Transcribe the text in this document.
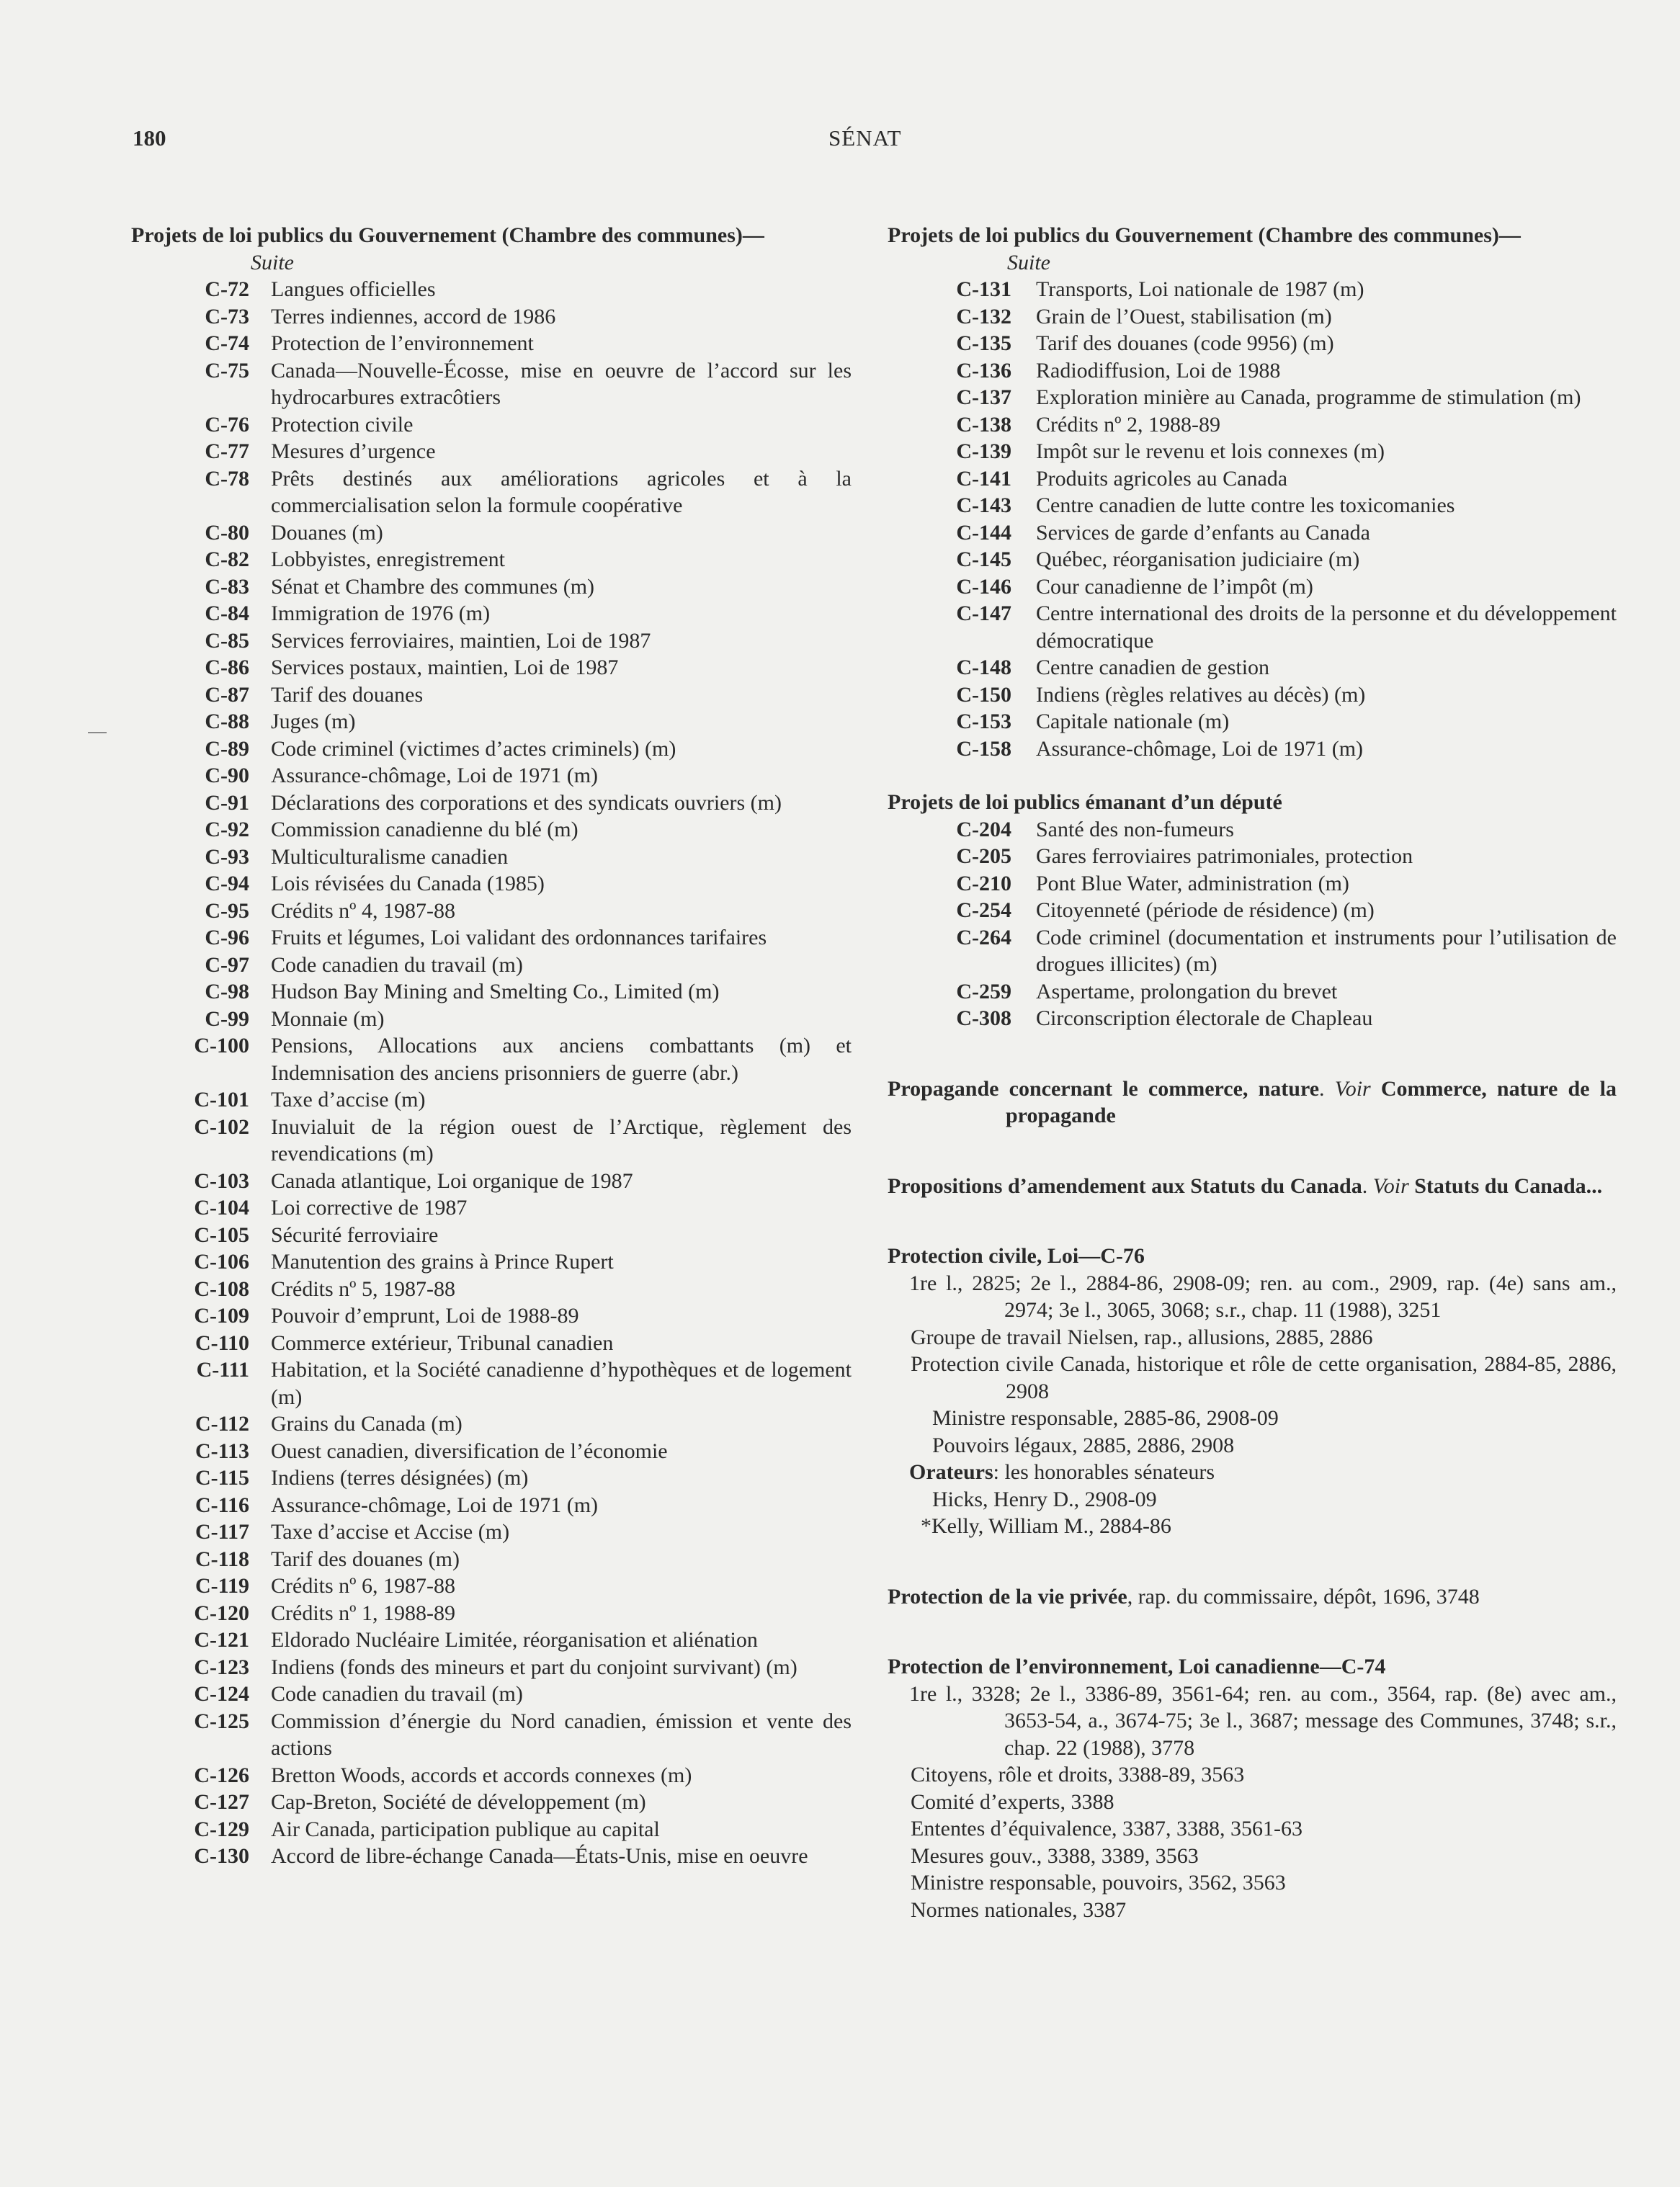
180	SÉNAT

Projets de loi publics du Gouvernement (Chambre des communes)—

Suite
C-72	Langues officielles
C-73	Terres indiennes, accord de 1986
C-74	Protection de l’environnement
C-75	Canada—Nouvelle-Écosse, mise en oeuvre de l’accord sur les hydrocarbures extracôtiers
C-76	Protection civile
C-77	Mesures d’urgence
C-78	Prêts destinés aux améliorations agricoles et à la commercialisation selon la formule coopérative
C-80	Douanes (m)
C-82	Lobbyistes, enregistrement
C-83	Sénat et Chambre des communes (m)
C-84	Immigration de 1976 (m)
C-85	Services ferroviaires, maintien, Loi de 1987
C-86	Services postaux, maintien, Loi de 1987
C-87	Tarif des douanes
C-88	Juges (m)
C-89	Code criminel (victimes d’actes criminels) (m)
C-90	Assurance-chômage, Loi de 1971 (m)
C-91	Déclarations des corporations et des syndicats ouvriers (m)
C-92	Commission canadienne du blé (m)
C-93	Multiculturalisme canadien
C-94	Lois révisées du Canada (1985)
C-95	Crédits nº 4, 1987-88
C-96	Fruits et légumes, Loi validant des ordonnances tarifaires
C-97	Code canadien du travail (m)
C-98	Hudson Bay Mining and Smelting Co., Limited (m)
C-99	Monnaie (m)
C-100	Pensions, Allocations aux anciens combattants (m) et Indemnisation des anciens prisonniers de guerre (abr.)
C-101	Taxe d’accise (m)
C-102	Inuvialuit de la région ouest de l’Arctique, règlement des revendications (m)
C-103	Canada atlantique, Loi organique de 1987
C-104	Loi corrective de 1987
C-105	Sécurité ferroviaire
C-106	Manutention des grains à Prince Rupert
C-108	Crédits nº 5, 1987-88
C-109	Pouvoir d’emprunt, Loi de 1988-89
C-110	Commerce extérieur, Tribunal canadien
C-111	Habitation, et la Société canadienne d’hypothèques et de logement (m)
C-112	Grains du Canada (m)
C-113	Ouest canadien, diversification de l’économie
C-115	Indiens (terres désignées) (m)
C-116	Assurance-chômage, Loi de 1971 (m)
C-117	Taxe d’accise et Accise (m)
C-118	Tarif des douanes (m)
C-119	Crédits nº 6, 1987-88
C-120	Crédits nº 1, 1988-89
C-121	Eldorado Nucléaire Limitée, réorganisation et aliénation
C-123	Indiens (fonds des mineurs et part du conjoint survivant) (m)
C-124	Code canadien du travail (m)
C-125	Commission d’énergie du Nord canadien, émission et vente des actions
C-126	Bretton Woods, accords et accords connexes (m)
C-127	Cap-Breton, Société de développement (m)
C-129	Air Canada, participation publique au capital
C-130	Accord de libre-échange Canada—États-Unis, mise en oeuvre

Projets de loi publics du Gouvernement (Chambre des communes)—

Suite
C-131	Transports, Loi nationale de 1987 (m)
C-132	Grain de l’Ouest, stabilisation (m)
C-135	Tarif des douanes (code 9956) (m)
C-136	Radiodiffusion, Loi de 1988
C-137	Exploration minière au Canada, programme de stimulation (m)
C-138	Crédits nº 2, 1988-89
C-139	Impôt sur le revenu et lois connexes (m)
C-141	Produits agricoles au Canada
C-143	Centre canadien de lutte contre les toxicomanies
C-144	Services de garde d’enfants au Canada
C-145	Québec, réorganisation judiciaire (m)
C-146	Cour canadienne de l’impôt (m)
C-147	Centre international des droits de la personne et du développement démocratique
C-148	Centre canadien de gestion
C-150	Indiens (règles relatives au décès) (m)
C-153	Capitale nationale (m)
C-158	Assurance-chômage, Loi de 1971 (m)

Projets de loi publics émanant d’un député

C-204	Santé des non-fumeurs
C-205	Gares ferroviaires patrimoniales, protection
C-210	Pont Blue Water, administration (m)
C-254	Citoyenneté (période de résidence) (m)
C-264	Code criminel (documentation et instruments pour l’utilisation de drogues illicites) (m)
C-259	Aspertame, prolongation du brevet
C-308	Circonscription électorale de Chapleau
Propagande concernant le commerce, nature. Voir Commerce, nature de la propagande
Propositions d’amendement aux Statuts du Canada. Voir Statuts du Canada...
Protection civile, Loi—C-76
1re l., 2825; 2e l., 2884-86, 2908-09; ren. au com., 2909, rap. (4e) sans am., 2974; 3e l., 3065, 3068; s.r., chap. 11 (1988), 3251
Groupe de travail Nielsen, rap., allusions, 2885, 2886
Protection civile Canada, historique et rôle de cette organisation, 2884-85, 2886, 2908
Ministre responsable, 2885-86, 2908-09
Pouvoirs légaux, 2885, 2886, 2908
Orateurs: les honorables sénateurs
Hicks, Henry D., 2908-09
*Kelly, William M., 2884-86
Protection de la vie privée, rap. du commissaire, dépôt, 1696, 3748
Protection de l’environnement, Loi canadienne—C-74
1re l., 3328; 2e l., 3386-89, 3561-64; ren. au com., 3564, rap. (8e) avec am., 3653-54, a., 3674-75; 3e l., 3687; message des Communes, 3748; s.r., chap. 22 (1988), 3778
Citoyens, rôle et droits, 3388-89, 3563
Comité d’experts, 3388
Ententes d’équivalence, 3387, 3388, 3561-63
Mesures gouv., 3388, 3389, 3563
Ministre responsable, pouvoirs, 3562, 3563
Normes nationales, 3387
